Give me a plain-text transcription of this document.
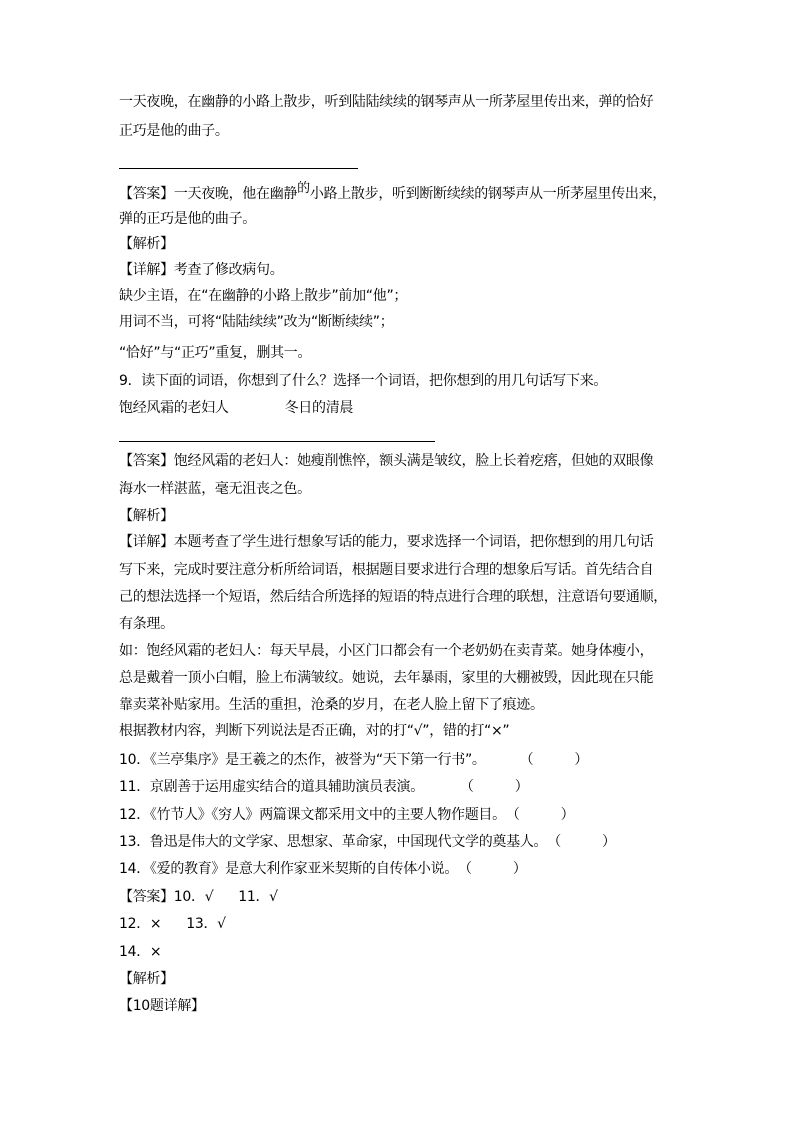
一天夜晚，在幽静的小路上散步，听到陆陆续续的钢琴声从一所茅屋里传出来，弹的恰好
正巧是他的曲子。
【答案】一天夜晚，他在幽静的小路上散步，听到断断续续的钢琴声从一所茅屋里传出来，
弹的正巧是他的曲子。
【解析】
【详解】考查了修改病句。
缺少主语，在“在幽静的小路上散步”前加“他”；
用词不当，可将“陆陆续续”改为“断断续续”；
“恰好”与“正巧”重复，删其一。
9．读下面的词语，你想到了什么？选择一个词语，把你想到的用几句话写下来。
饱经风霜的老妇人	冬日的清晨
【答案】饱经风霜的老妇人：她瘦削憔悴，额头满是皱纹，脸上长着疙瘩，但她的双眼像
海水一样湛蓝，毫无沮丧之色。
【解析】
【详解】本题考查了学生进行想象写话的能力，要求选择一个词语，把你想到的用几句话
写下来，完成时要注意分析所给词语，根据题目要求进行合理的想象后写话。首先结合自
己的想法选择一个短语，然后结合所选择的短语的特点进行合理的联想，注意语句要通顺，
有条理。
如：饱经风霜的老妇人：每天早晨，小区门口都会有一个老奶奶在卖青菜。她身体瘦小，
总是戴着一顶小白帽，脸上布满皱纹。她说，去年暴雨，家里的大棚被毁，因此现在只能
靠卖菜补贴家用。生活的重担，沧桑的岁月，在老人脸上留下了痕迹。
根据教材内容，判断下列说法是否正确，对的打“√”，错的打“×”
10．《兰亭集序》是王羲之的杰作，被誉为“天下第一行书”。 （　　　）
11．京剧善于运用虚实结合的道具辅助演员表演。	（　　　）
12．《竹节人》《穷人》两篇课文都采用文中的主要人物作题目。（　　　）
13．鲁迅是伟大的文学家、思想家、革命家，中国现代文学的奠基人。（　　　）
14．《爱的教育》是意大利作家亚米契斯的自传体小说。（　　　）
【答案】10．√      11．√
12．×      13．√
14．×
【解析】
【10题详解】
